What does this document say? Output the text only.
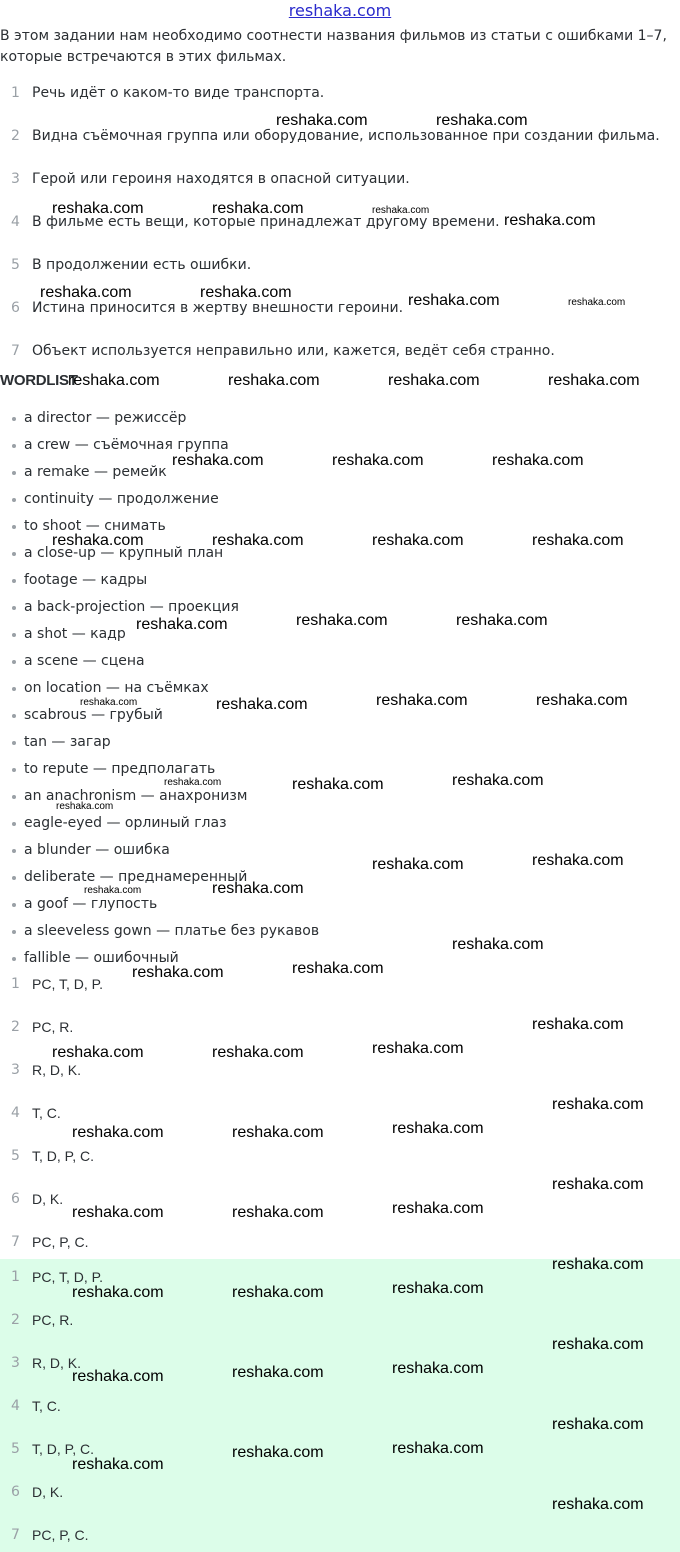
reshaka.com
В этом задании нам необходимо соотнести названия фильмов из статьи с ошибками 1–7, которые встречаются в этих фильмах.
1 Речь идёт о каком-то виде транспорта.
2 Видна съёмочная группа или оборудование, использованное при создании фильма.
3 Герой или героиня находятся в опасной ситуации.
4 В фильме есть вещи, которые принадлежат другому времени.
5 В продолжении есть ошибки.
6 Истина приносится в жертву внешности героини.
7 Объект используется неправильно или, кажется, ведёт себя странно.
WORDLIST
a director — режиссёр
a crew — съёмочная группа
a remake — ремейк
continuity — продолжение
to shoot — снимать
a close-up — крупный план
footage — кадры
a back-projection — проекция
a shot — кадр
a scene — сцена
on location — на съёмках
scabrous — грубый
tan — загар
to repute — предполагать
an anachronism — анахронизм
eagle-eyed — орлиный глаз
a blunder — ошибка
deliberate — преднамеренный
a goof — глупость
a sleeveless gown — платье без рукавов
fallible — ошибочный
1 PC, T, D, P.
2 PC, R.
3 R, D, K.
4 T, C.
5 T, D, P, C.
6 D, K.
7 PC, P, C.
1 PC, T, D, P.
2 PC, R.
3 R, D, K.
4 T, C.
5 T, D, P, C.
6 D, K.
7 PC, P, C.
reshaka.com	reshaka.com
reshaka.com	reshaka.com	reshaka.com
reshaka.com
reshaka.com	reshaka.com	reshaka.com	reshaka.com
reshaka.com	reshaka.com	reshaka.com	reshaka.com
reshaka.com	reshaka.com	reshaka.com
reshaka.com	reshaka.com	reshaka.com	reshaka.com
reshaka.com	reshaka.com	reshaka.com
reshaka.com	reshaka.com	reshaka.com	reshaka.com
reshaka.com	reshaka.com	reshaka.com
reshaka.com
reshaka.com	reshaka.com
reshaka.com	reshaka.com
reshaka.com
reshaka.com	reshaka.com
reshaka.com
reshaka.com	reshaka.com	reshaka.com
reshaka.com
reshaka.com	reshaka.com	reshaka.com
reshaka.com
reshaka.com	reshaka.com	reshaka.com
reshaka.com
reshaka.com	reshaka.com	reshaka.com
reshaka.com
reshaka.com	reshaka.com	reshaka.com
reshaka.com
reshaka.com	reshaka.com
reshaka.com
reshaka.com
